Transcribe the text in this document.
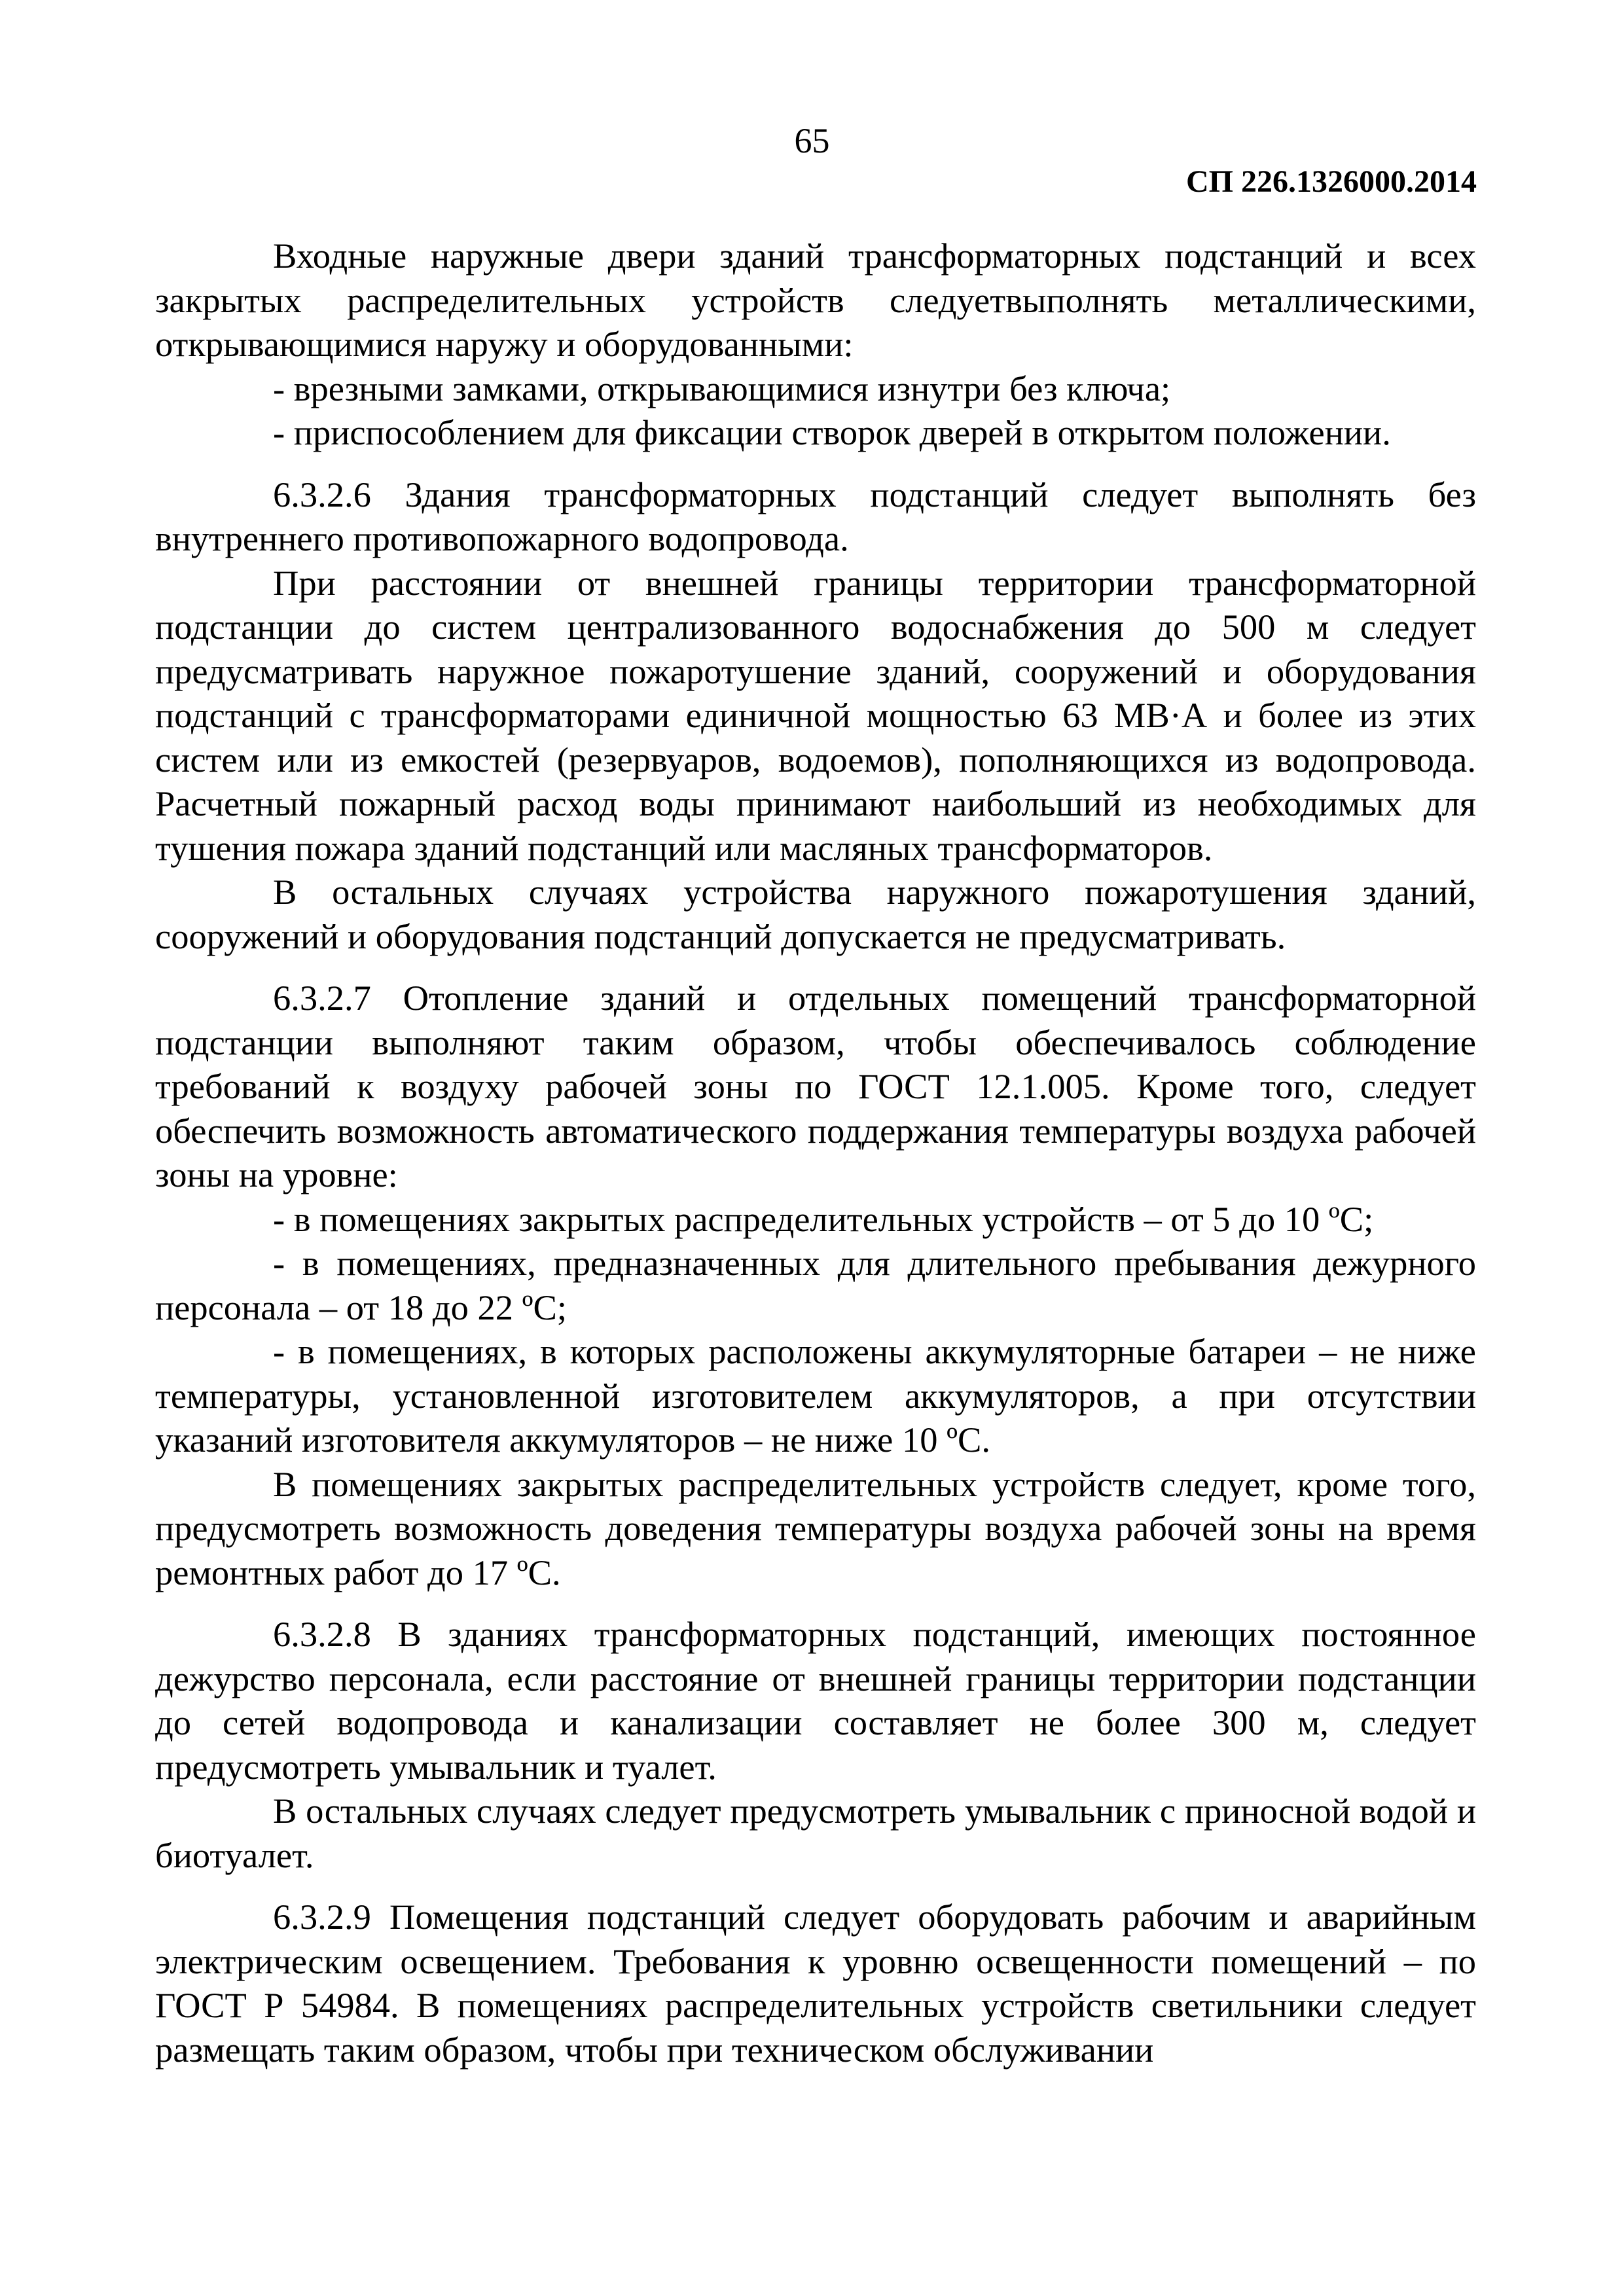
65
СП 226.1326000.2014

Входные наружные двери зданий трансформаторных подстанций и всех закрытых распределительных устройств следуетвыполнять металлическими, открывающимися наружу и оборудованными:

- врезными замками, открывающимися изнутри без ключа;

- приспособлением для фиксации створок дверей в открытом положении.

6.3.2.6 Здания трансформаторных подстанций следует выполнять без внутреннего противопожарного водопровода.

При расстоянии от внешней границы территории трансформаторной подстанции до систем централизованного водоснабжения до 500 м следует предусматривать наружное пожаротушение зданий, сооружений и оборудования подстанций с трансформаторами единичной мощностью 63 МВ·А и более из этих систем или из емкостей (резервуаров, водоемов), пополняющихся из водопровода. Расчетный пожарный расход воды принимают наибольший из необходимых для тушения пожара зданий подстанций или масляных трансформаторов.

В остальных случаях устройства наружного пожаротушения зданий, сооружений и оборудования подстанций допускается не предусматривать.

6.3.2.7 Отопление зданий и отдельных помещений трансформаторной подстанции выполняют таким образом, чтобы обеспечивалось соблюдение требований к воздуху рабочей зоны по ГОСТ 12.1.005. Кроме того, следует обеспечить возможность автоматического поддержания температуры воздуха рабочей зоны на уровне:

- в помещениях закрытых распределительных устройств – от 5 до 10 ºС;

- в помещениях, предназначенных для длительного пребывания дежурного персонала – от 18 до 22 ºС;

- в помещениях, в которых расположены аккумуляторные батареи – не ниже температуры, установленной изготовителем аккумуляторов, а при отсутствии указаний изготовителя аккумуляторов – не ниже 10 ºС.

В помещениях закрытых распределительных устройств следует, кроме того, предусмотреть возможность доведения температуры воздуха рабочей зоны на время ремонтных работ до 17 ºС.

6.3.2.8 В зданиях трансформаторных подстанций, имеющих постоянное дежурство персонала, если расстояние от внешней границы территории подстанции до сетей водопровода и канализации составляет не более 300 м, следует предусмотреть умывальник и туалет.

В остальных случаях следует предусмотреть умывальник с приносной водой и биотуалет.

6.3.2.9 Помещения подстанций следует оборудовать рабочим и аварийным электрическим освещением. Требования к уровню освещенности помещений – по ГОСТ Р 54984. В помещениях распределительных устройств светильники следует размещать таким образом, чтобы при техническом обслуживании
